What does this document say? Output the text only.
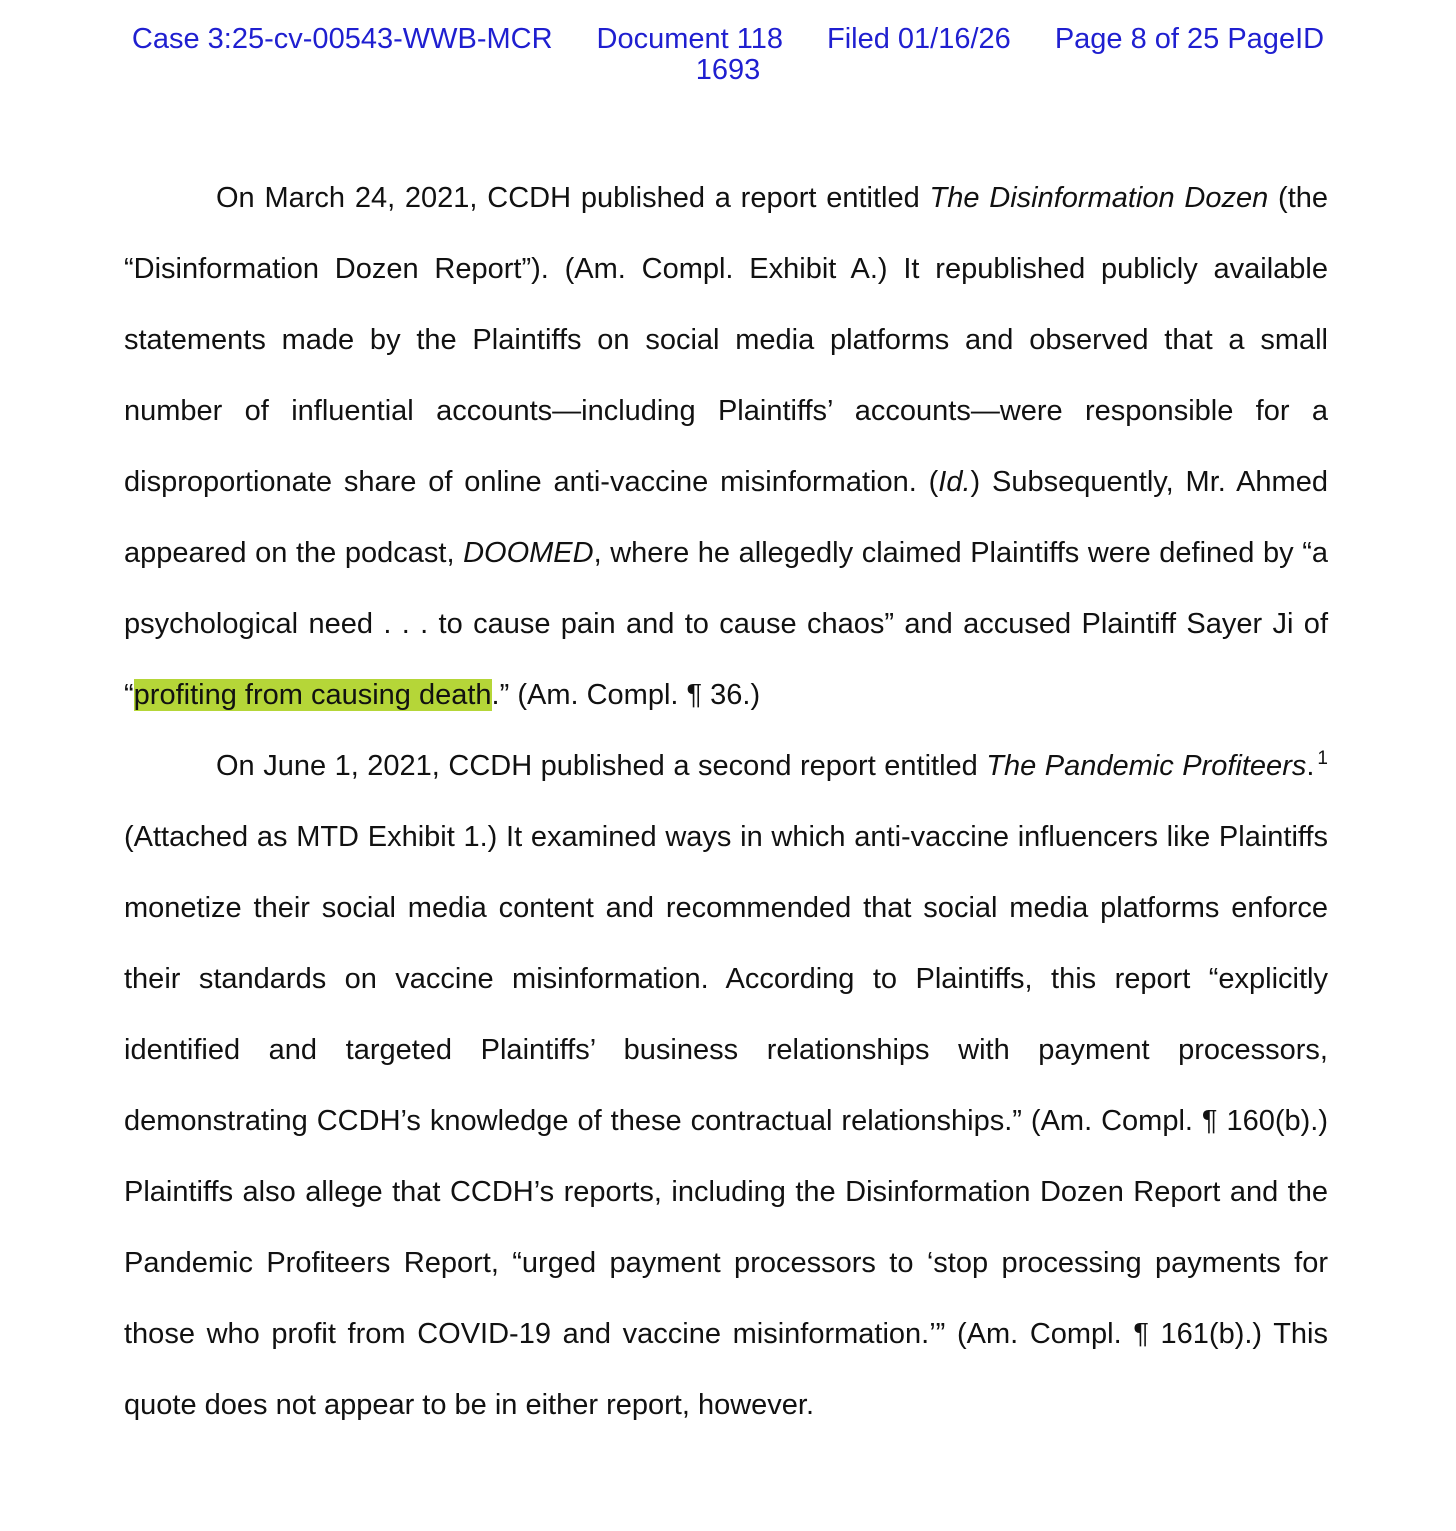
Case 3:25-cv-00543-WWB-MCR Document 118 Filed 01/16/26 Page 8 of 25 PageID
1693

On March 24, 2021, CCDH published a report entitled The Disinformation Dozen (the “Disinformation Dozen Report”). (Am. Compl. Exhibit A.) It republished publicly available statements made by the Plaintiffs on social media platforms and observed that a small number of influential accounts—including Plaintiffs’ accounts—were responsible for a disproportionate share of online anti-vaccine misinformation. (Id.) Subsequently, Mr. Ahmed appeared on the podcast, DOOMED, where he allegedly claimed Plaintiffs were defined by “a psychological need . . . to cause pain and to cause chaos” and accused Plaintiff Sayer Ji of “profiting from causing death.” (Am. Compl. ¶ 36.)

On June 1, 2021, CCDH published a second report entitled The Pandemic Profiteers. $^1$ (Attached as MTD Exhibit 1.) It examined ways in which anti-vaccine influencers like Plaintiffs monetize their social media content and recommended that social media platforms enforce their standards on vaccine misinformation. According to Plaintiffs, this report “explicitly identified and targeted Plaintiffs’ business relationships with payment processors, demonstrating CCDH’s knowledge of these contractual relationships.” (Am. Compl. ¶ 160(b).) Plaintiffs also allege that CCDH’s reports, including the Disinformation Dozen Report and the Pandemic Profiteers Report, “urged payment processors to ‘stop processing payments for those who profit from COVID-19 and vaccine misinformation.’” (Am. Compl. ¶ 161(b).) This quote does not appear to be in either report, however.
